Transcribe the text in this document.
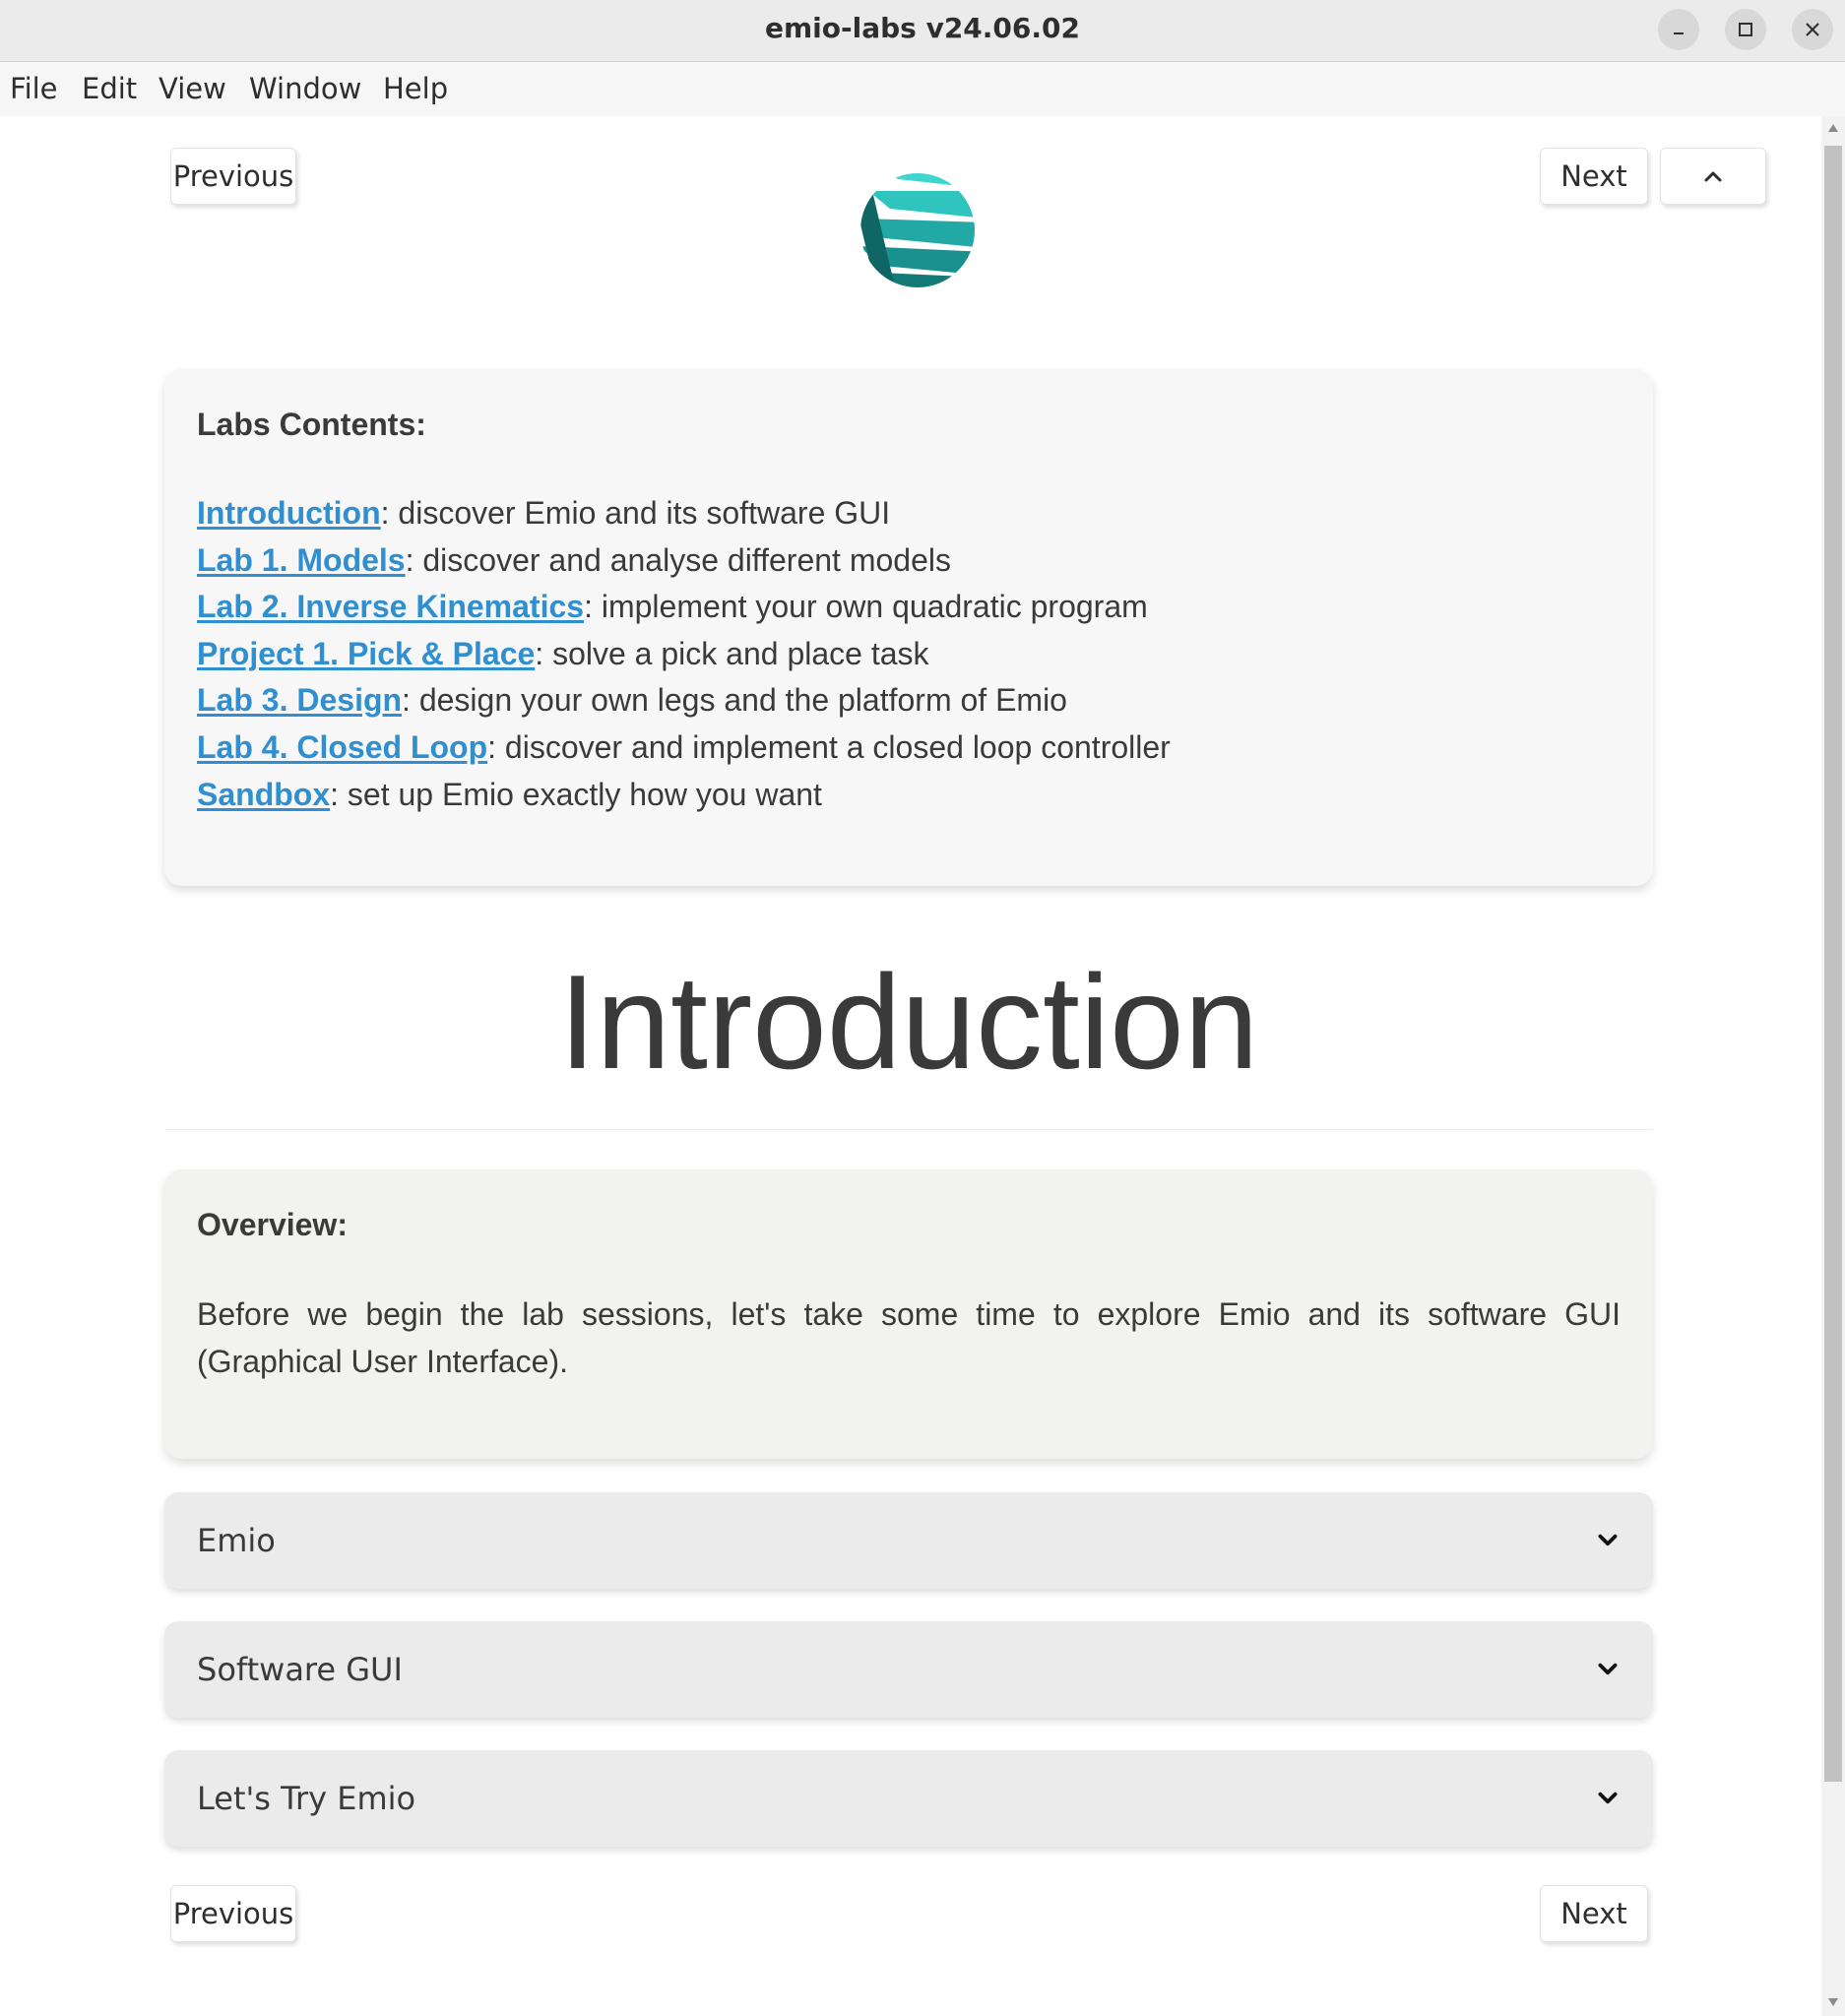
emio-labs v24.06.02
File Edit View Window Help
Previous	Next
Labs Contents:
Introduction: discover Emio and its software GUI
Lab 1. Models: discover and analyse different models
Lab 2. Inverse Kinematics: implement your own quadratic program
Project 1. Pick & Place: solve a pick and place task
Lab 3. Design: design your own legs and the platform of Emio
Lab 4. Closed Loop: discover and implement a closed loop controller
Sandbox: set up Emio exactly how you want
Introduction
Overview:
Before we begin the lab sessions, let's take some time to explore Emio and its software GUI (Graphical User Interface).
Emio
Software GUI
Let's Try Emio
Previous	Next
